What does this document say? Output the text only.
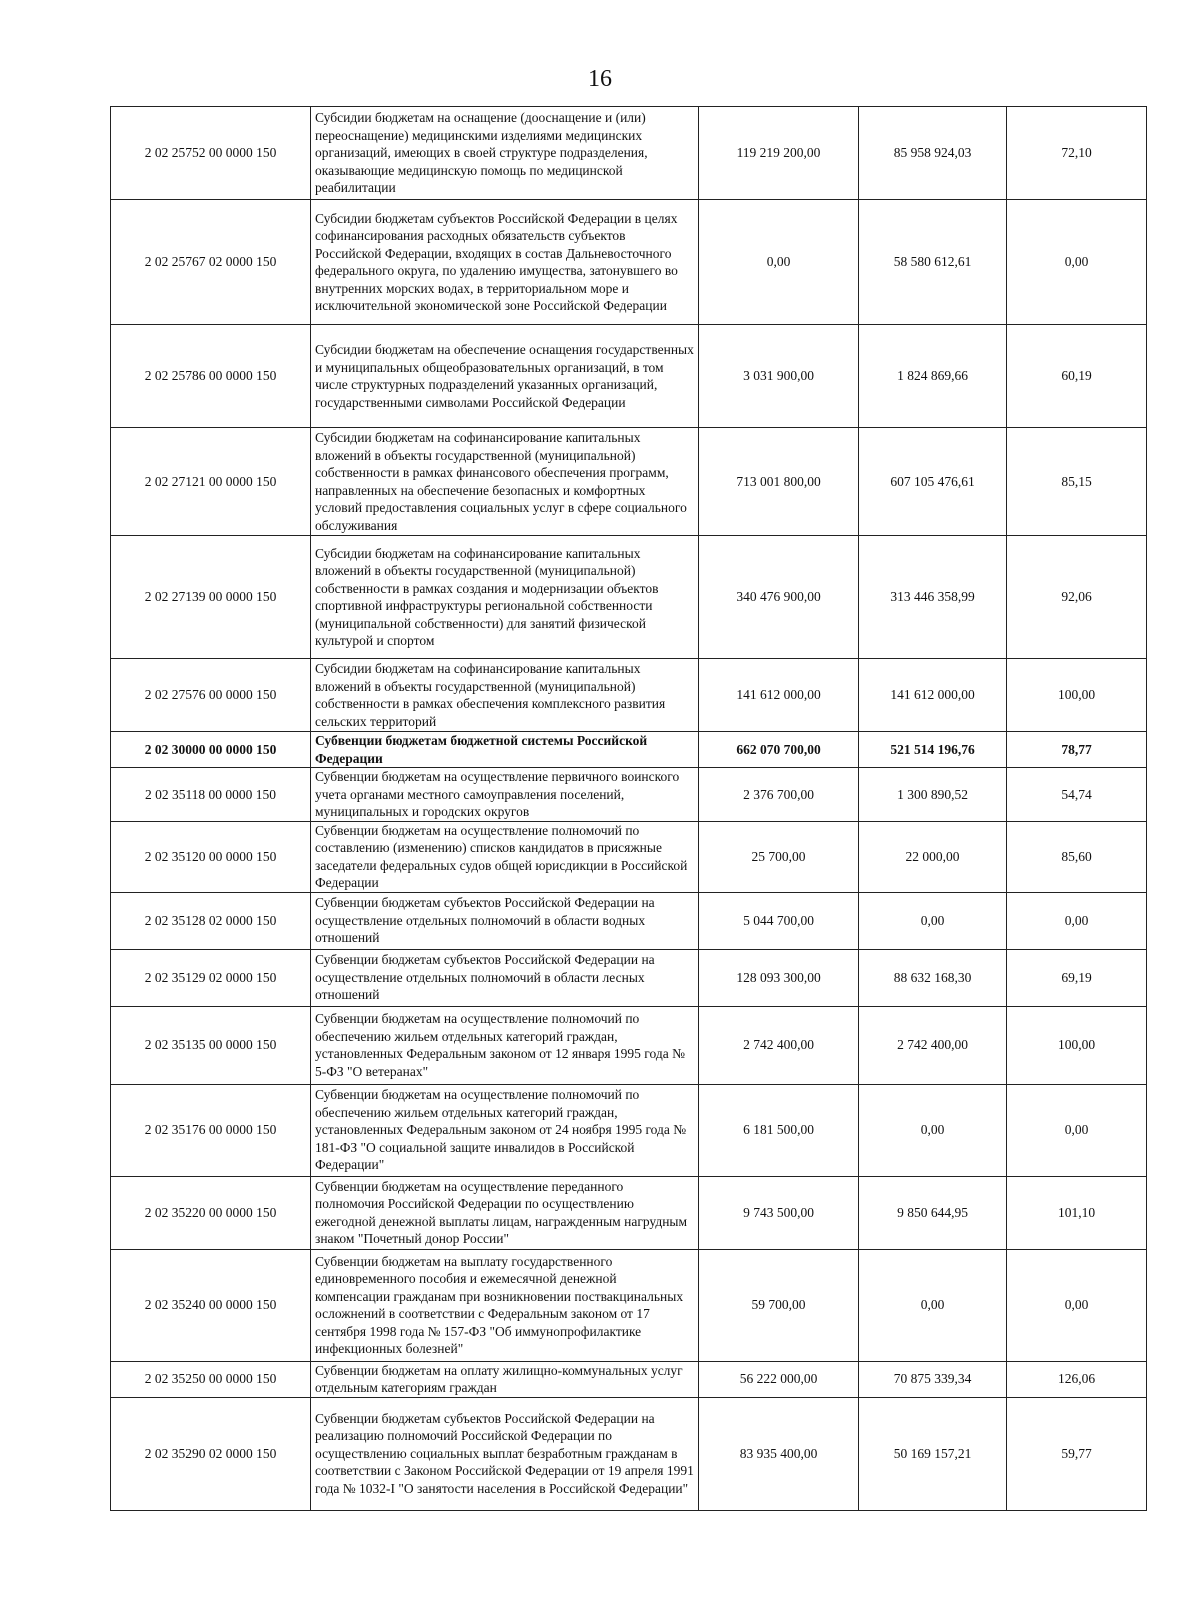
16
2 02 25752 00 0000 150	Субсидии бюджетам на оснащение (дооснащение и (или) переоснащение) медицинскими изделиями медицинских организаций, имеющих в своей структуре подразделения, оказывающие медицинскую помощь по медицинской реабилитации	119 219 200,00	85 958 924,03	72,10
2 02 25767 02 0000 150	Субсидии бюджетам субъектов Российской Федерации в целях софинансирования расходных обязательств субъектов Российской Федерации, входящих в состав Дальневосточного федерального округа, по удалению имущества, затонувшего во внутренних морских водах, в территориальном море и исключительной экономической зоне Российской Федерации	0,00	58 580 612,61	0,00
2 02 25786 00 0000 150	Субсидии бюджетам на обеспечение оснащения государственных и муниципальных общеобразовательных организаций, в том числе структурных подразделений указанных организаций, государственными символами Российской Федерации	3 031 900,00	1 824 869,66	60,19
2 02 27121 00 0000 150	Субсидии бюджетам на софинансирование капитальных вложений в объекты государственной (муниципальной) собственности в рамках финансового обеспечения программ, направленных на обеспечение безопасных и комфортных условий предоставления социальных услуг в сфере социального обслуживания	713 001 800,00	607 105 476,61	85,15
2 02 27139 00 0000 150	Субсидии бюджетам на софинансирование капитальных вложений в объекты государственной (муниципальной) собственности в рамках создания и модернизации объектов спортивной инфраструктуры региональной собственности (муниципальной собственности) для занятий физической культурой и спортом	340 476 900,00	313 446 358,99	92,06
2 02 27576 00 0000 150	Субсидии бюджетам на софинансирование капитальных вложений в объекты государственной (муниципальной) собственности в рамках обеспечения комплексного развития сельских территорий	141 612 000,00	141 612 000,00	100,00
2 02 30000 00 0000 150	Субвенции бюджетам бюджетной системы Российской Федерации	662 070 700,00	521 514 196,76	78,77
2 02 35118 00 0000 150	Субвенции бюджетам на осуществление первичного воинского учета органами местного самоуправления поселений, муниципальных и городских округов	2 376 700,00	1 300 890,52	54,74
2 02 35120 00 0000 150	Субвенции бюджетам на осуществление полномочий по составлению (изменению) списков кандидатов в присяжные заседатели федеральных судов общей юрисдикции в Российской Федерации	25 700,00	22 000,00	85,60
2 02 35128 02 0000 150	Субвенции бюджетам субъектов Российской Федерации на осуществление отдельных полномочий в области водных отношений	5 044 700,00	0,00	0,00
2 02 35129 02 0000 150	Субвенции бюджетам субъектов Российской Федерации на осуществление отдельных полномочий в области лесных отношений	128 093 300,00	88 632 168,30	69,19
2 02 35135 00 0000 150	Субвенции бюджетам на осуществление полномочий по обеспечению жильем отдельных категорий граждан, установленных Федеральным законом от 12 января 1995 года № 5-ФЗ "О ветеранах"	2 742 400,00	2 742 400,00	100,00
2 02 35176 00 0000 150	Субвенции бюджетам на осуществление полномочий по обеспечению жильем отдельных категорий граждан, установленных Федеральным законом от 24 ноября 1995 года № 181-ФЗ "О социальной защите инвалидов в Российской Федерации"	6 181 500,00	0,00	0,00
2 02 35220 00 0000 150	Субвенции бюджетам на осуществление переданного полномочия Российской Федерации по осуществлению ежегодной денежной выплаты лицам, награжденным нагрудным знаком "Почетный донор России"	9 743 500,00	9 850 644,95	101,10
2 02 35240 00 0000 150	Субвенции бюджетам на выплату государственного единовременного пособия и ежемесячной денежной компенсации гражданам при возникновении поствакцинальных осложнений в соответствии с Федеральным законом от 17 сентября 1998 года № 157-ФЗ "Об иммунопрофилактике инфекционных болезней"	59 700,00	0,00	0,00
2 02 35250 00 0000 150	Субвенции бюджетам на оплату жилищно-коммунальных услуг отдельным категориям граждан	56 222 000,00	70 875 339,34	126,06
2 02 35290 02 0000 150	Субвенции бюджетам субъектов Российской Федерации на реализацию полномочий Российской Федерации по осуществлению социальных выплат безработным гражданам в соответствии с Законом Российской Федерации от 19 апреля 1991 года № 1032-I "О занятости населения в Российской Федерации"	83 935 400,00	50 169 157,21	59,77
